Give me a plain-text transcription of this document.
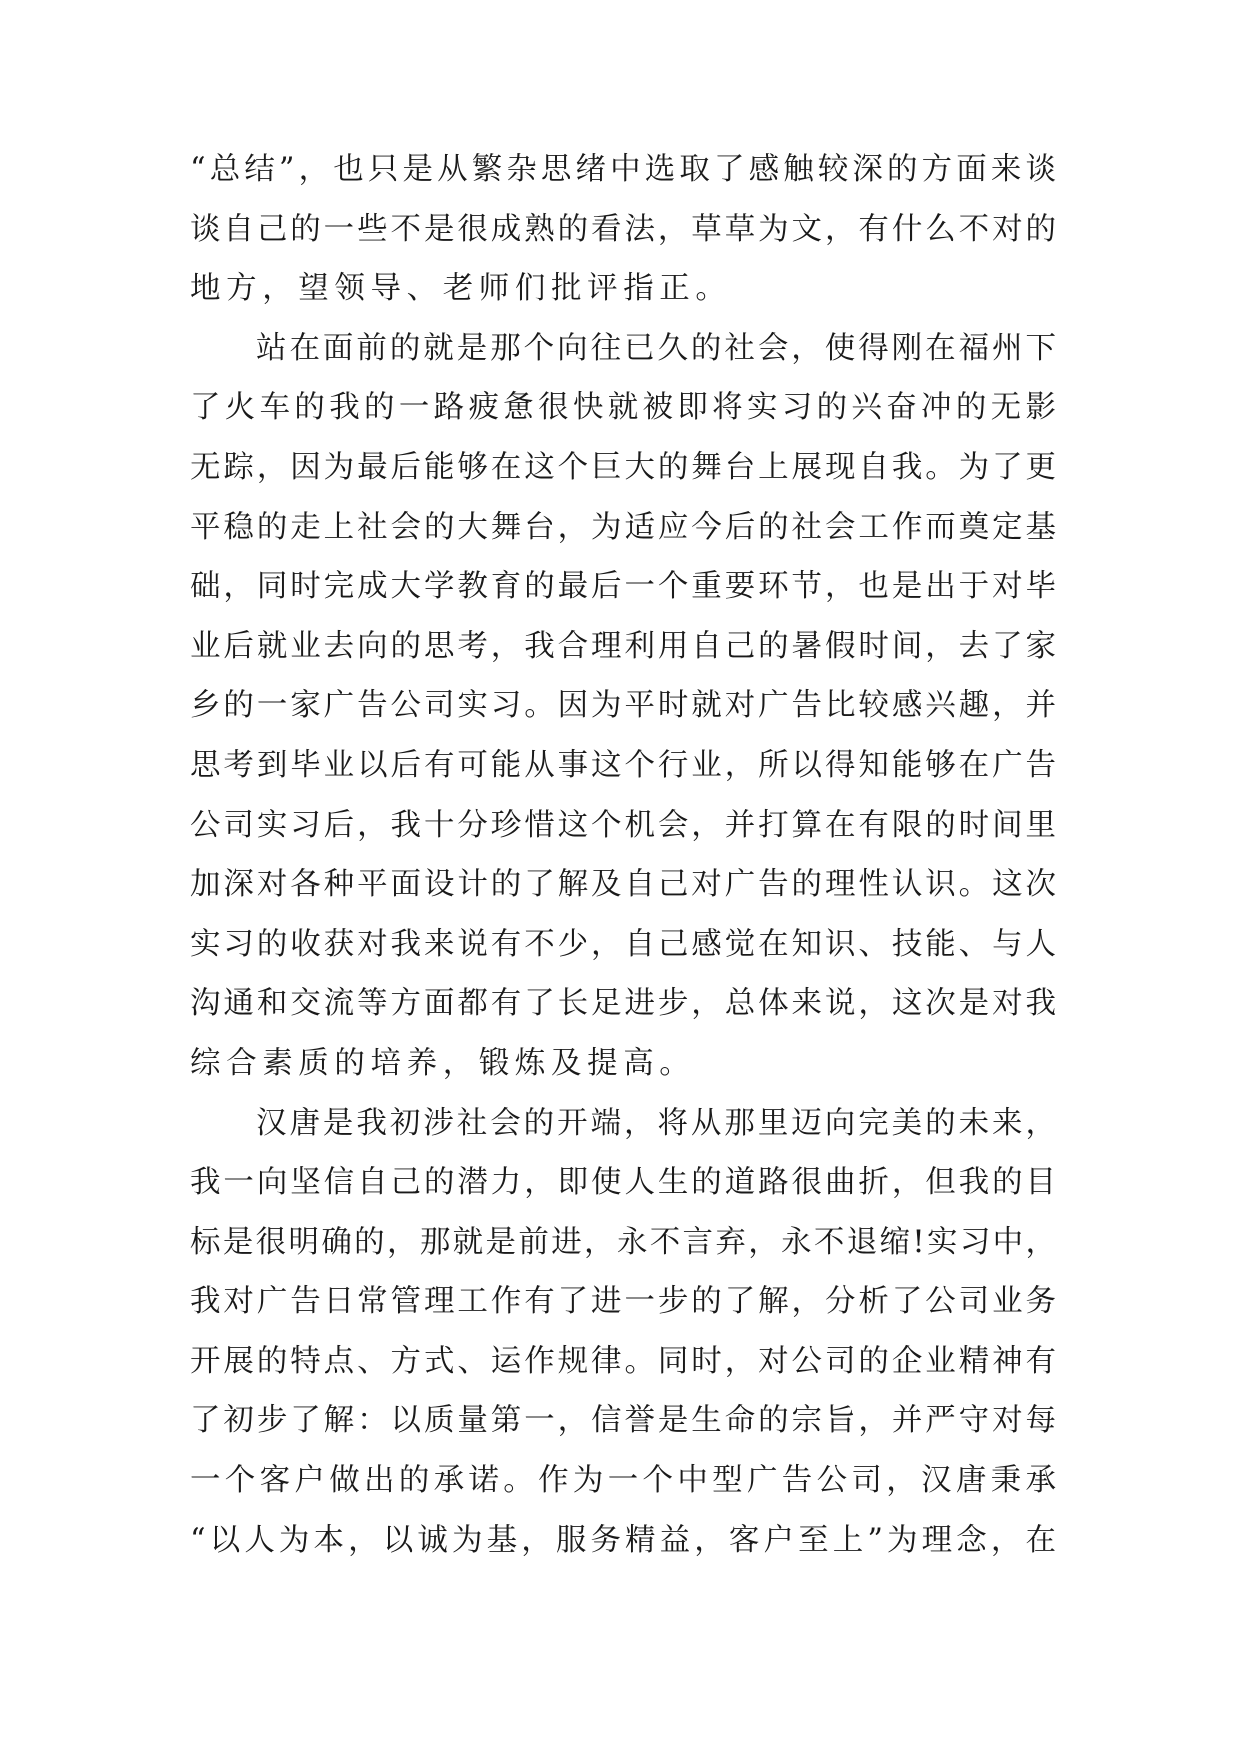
“总结”，也只是从繁杂思绪中选取了感触较深的方面来谈
谈自己的一些不是很成熟的看法，草草为文，有什么不对的
地方，望领导、老师们批评指正。
站在面前的就是那个向往已久的社会，使得刚在福州下
了火车的我的一路疲惫很快就被即将实习的兴奋冲的无影
无踪，因为最后能够在这个巨大的舞台上展现自我。为了更
平稳的走上社会的大舞台，为适应今后的社会工作而奠定基
础，同时完成大学教育的最后一个重要环节，也是出于对毕
业后就业去向的思考，我合理利用自己的暑假时间，去了家
乡的一家广告公司实习。因为平时就对广告比较感兴趣，并
思考到毕业以后有可能从事这个行业，所以得知能够在广告
公司实习后，我十分珍惜这个机会，并打算在有限的时间里
加深对各种平面设计的了解及自己对广告的理性认识。这次
实习的收获对我来说有不少，自己感觉在知识、技能、与人
沟通和交流等方面都有了长足进步，总体来说，这次是对我
综合素质的培养，锻炼及提高。
汉唐是我初涉社会的开端，将从那里迈向完美的未来，
我一向坚信自己的潜力，即使人生的道路很曲折，但我的目
标是很明确的，那就是前进，永不言弃，永不退缩!实习中，
我对广告日常管理工作有了进一步的了解，分析了公司业务
开展的特点、方式、运作规律。同时，对公司的企业精神有
了初步了解：以质量第一，信誉是生命的宗旨，并严守对每
一个客户做出的承诺。作为一个中型广告公司，汉唐秉承
“以人为本，以诚为基，服务精益，客户至上”为理念，在
